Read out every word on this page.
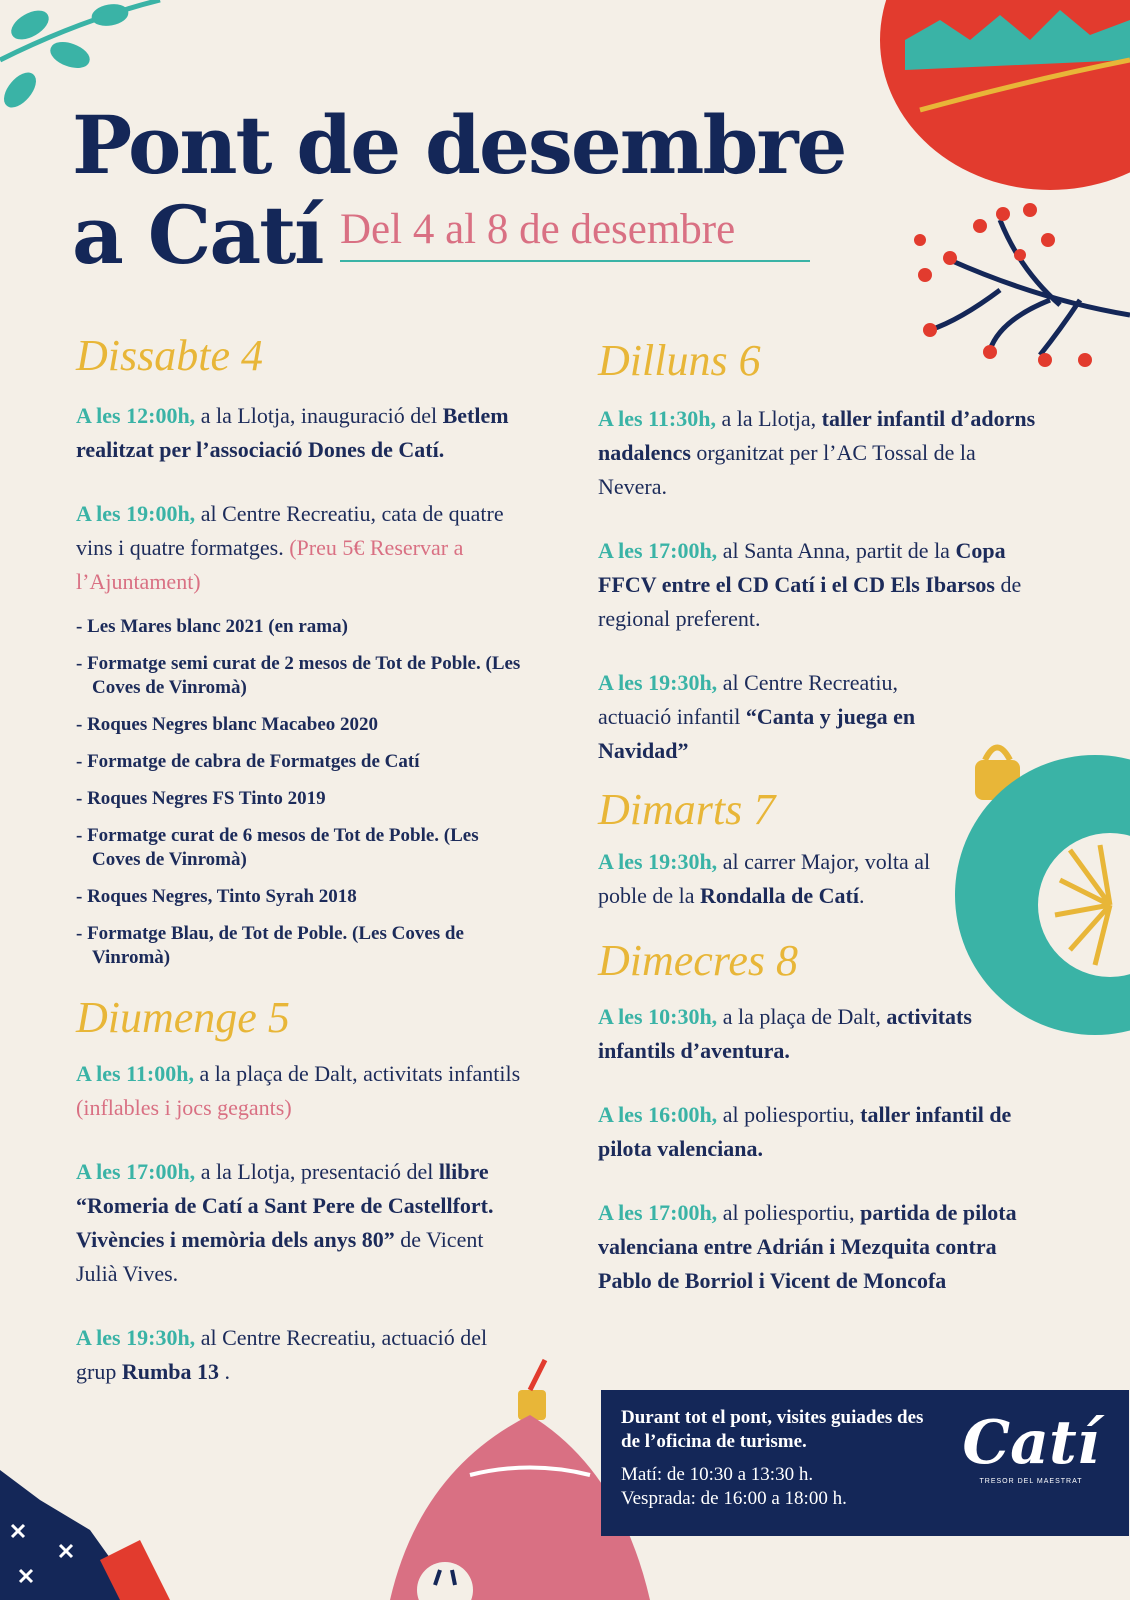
Pont de desembre
a Catí Del 4 al 8 de desembre
Dissabte 4

A les 12:00h, a la Llotja, inauguració del Betlem realitzat per l’associació Dones de Catí.

A les 19:00h, al Centre Recreatiu, cata de quatre vins i quatre formatges. (Preu 5€ Reservar a l’Ajuntament)

- Les Mares blanc 2021 (en rama)
- Formatge semi curat de 2 mesos de Tot de Poble. (Les Coves de Vinromà)
- Roques Negres blanc Macabeo 2020
- Formatge de cabra de Formatges de Catí
- Roques Negres FS Tinto 2019
- Formatge curat de 6 mesos de Tot de Poble. (Les Coves de Vinromà)
- Roques Negres, Tinto Syrah 2018
- Formatge Blau, de Tot de Poble. (Les Coves de Vinromà)
Diumenge 5

A les 11:00h, a la plaça de Dalt, activitats infantils (inflables i jocs gegants)

A les 17:00h, a la Llotja, presentació del llibre “Romeria de Catí a Sant Pere de Castellfort. Vivències i memòria dels anys 80” de Vicent Julià Vives.

A les 19:30h, al Centre Recreatiu, actuació del grup Rumba 13 .

Dilluns 6

A les 11:30h, a la Llotja, taller infantil d’adorns nadalencs organitzat per l’AC Tossal de la Nevera.

A les 17:00h, al Santa Anna, partit de la Copa FFCV entre el CD Catí i el CD Els Ibarsos de regional preferent.

A les 19:30h, al Centre Recreatiu, actuació infantil “Canta y juega en Navidad”

Dimarts 7

A les 19:30h, al carrer Major, volta al poble de la Rondalla de Catí.

Dimecres 8

A les 10:30h, a la plaça de Dalt, activitats infantils d’aventura.

A les 16:00h, al poliesportiu, taller infantil de pilota valenciana.

A les 17:00h, al poliesportiu, partida de pilota valenciana entre Adrián i Mezquita contra Pablo de Borriol i Vicent de Moncofa

Durant tot el pont, visites guiades des de l’oficina de turisme.
Matí: de 10:30 a 13:30 h.
Vesprada: de 16:00 a 18:00 h.
Catí
TRESOR DEL MAESTRAT
